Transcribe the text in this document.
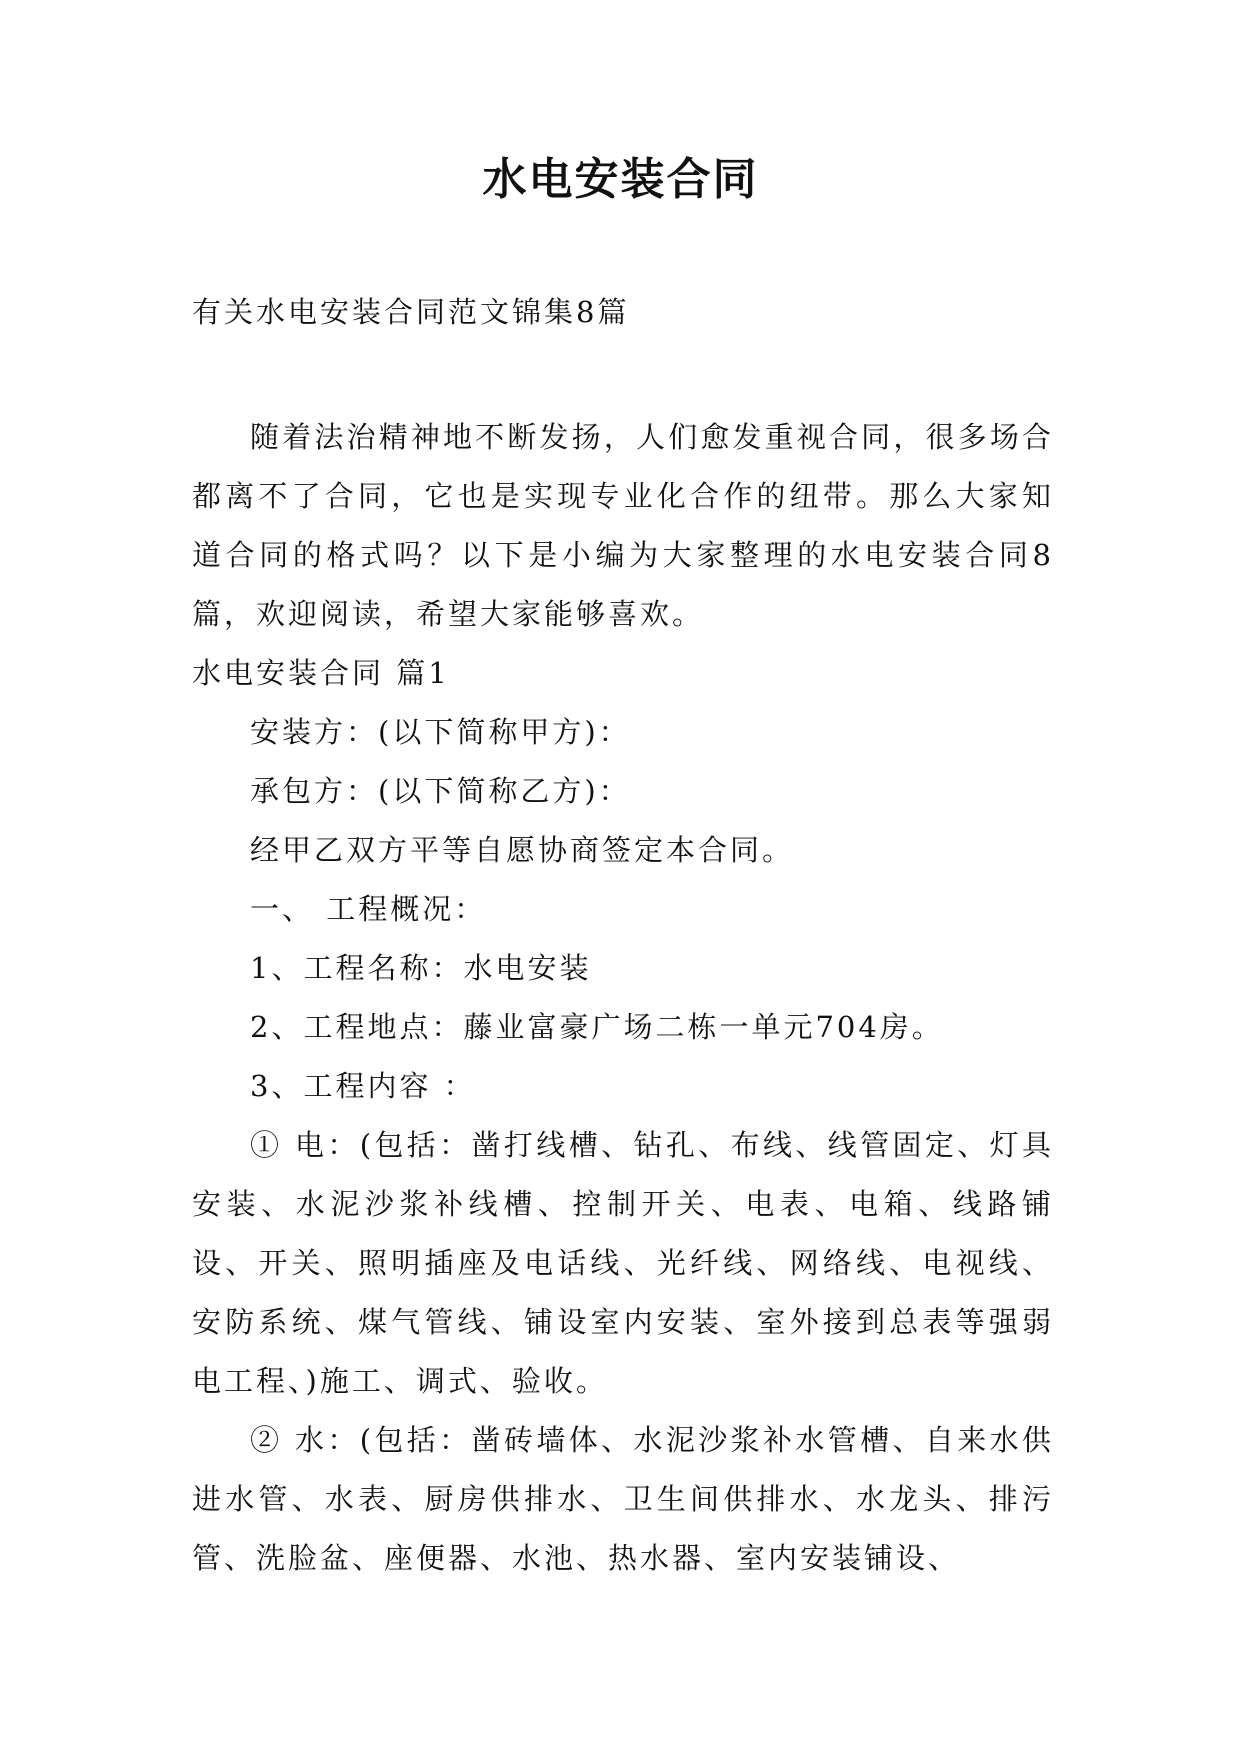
水电安装合同

有关水电安装合同范文锦集8篇

随着法治精神地不断发扬，人们愈发重视合同，很多场合都离不了合同，它也是实现专业化合作的纽带。那么大家知道合同的格式吗？以下是小编为大家整理的水电安装合同8篇，欢迎阅读，希望大家能够喜欢。

水电安装合同 篇1

安装方：(以下简称甲方)：

承包方：(以下简称乙方)：

经甲乙双方平等自愿协商签定本合同。

一、 工程概况：

1、工程名称：水电安装

2、工程地点：藤业富豪广场二栋一单元704房。

3、工程内容 ：

① 电：(包括：凿打线槽、钻孔、布线、线管固定、灯具安装、水泥沙浆补线槽、控制开关、电表、电箱、线路铺设、开关、照明插座及电话线、光纤线、网络线、电视线、安防系统、煤气管线、铺设室内安装、室外接到总表等强弱电工程、)施工、调式、验收。

② 水：(包括：凿砖墙体、水泥沙浆补水管槽、自来水供进水管、水表、厨房供排水、卫生间供排水、水龙头、排污管、洗脸盆、座便器、水池、热水器、室内安装铺设、
